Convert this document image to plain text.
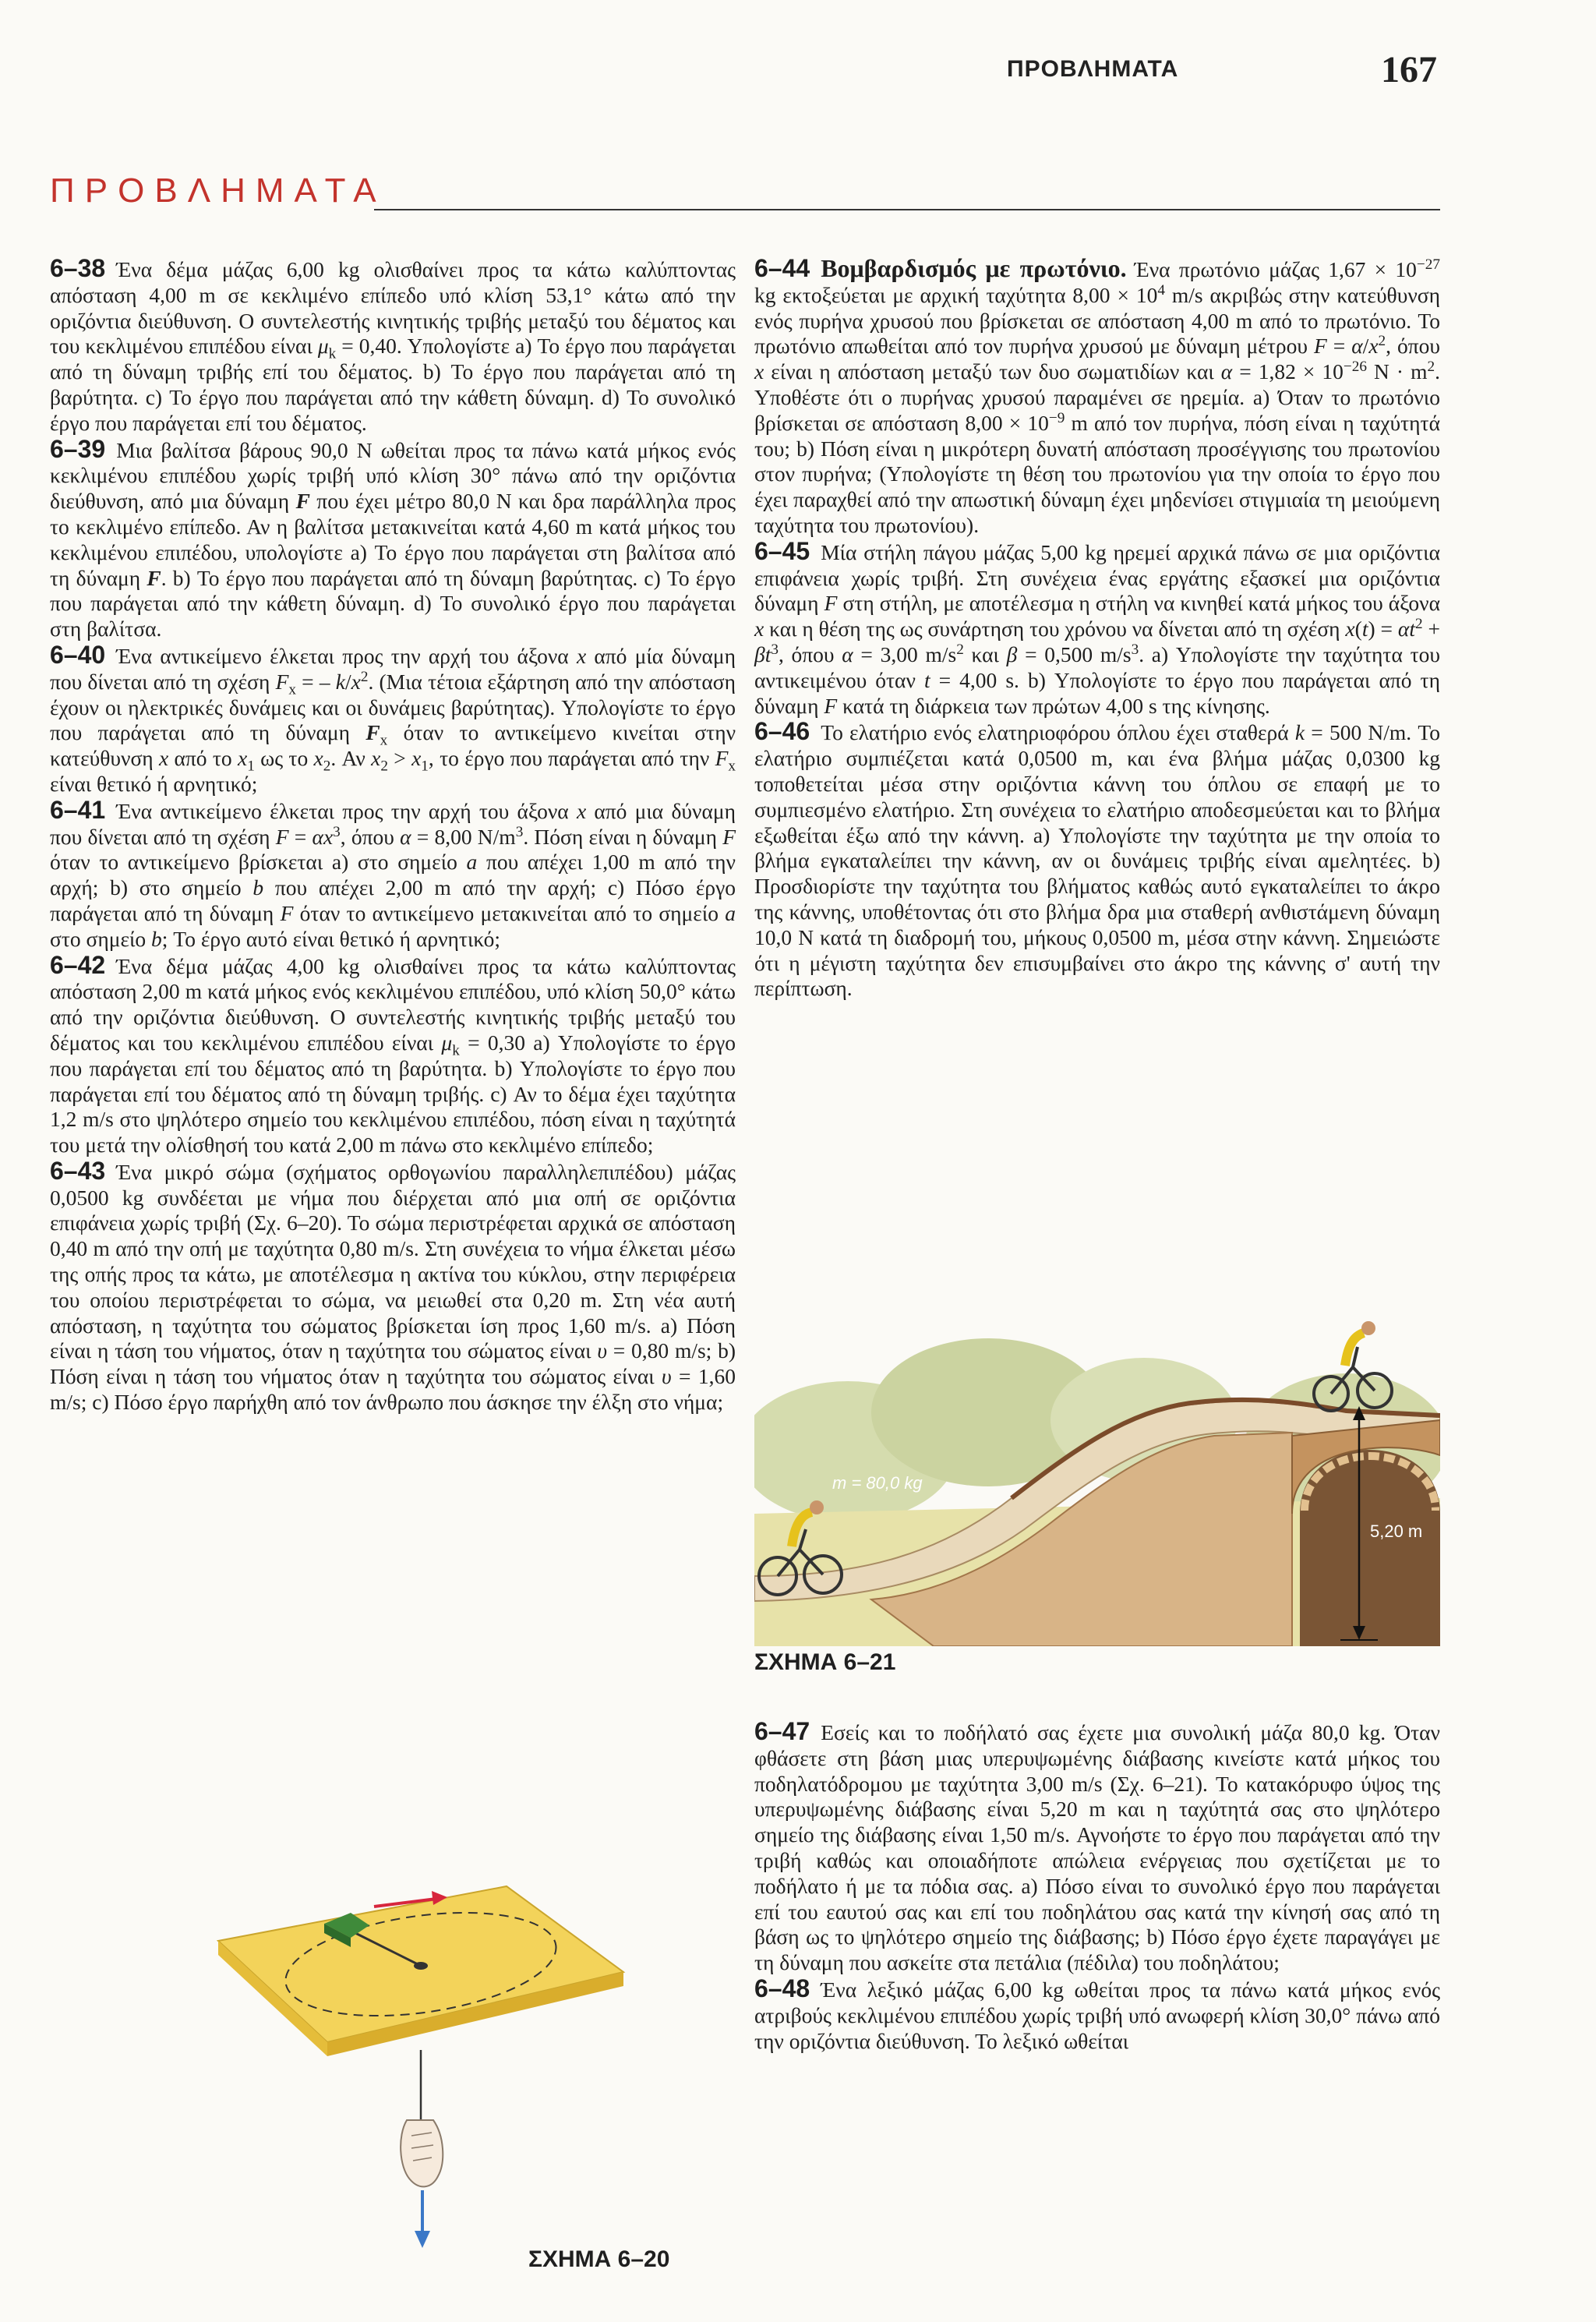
ΠΡΟΒΛΗΜΑΤΑ	167
ΠΡΟΒΛΗΜΑΤΑ

6–38 Ένα δέμα μάζας 6,00 kg ολισθαίνει προς τα κάτω καλύπτοντας απόσταση 4,00 m σε κεκλιμένο επίπεδο υπό κλίση 53,1° κάτω από την οριζόντια διεύθυνση. Ο συντελεστής κινητικής τριβής μεταξύ του δέματος και του κεκλιμένου επιπέδου είναι $\mu_k = 0,40$. Υπολογίστε a) Το έργο που παράγεται από τη δύναμη τριβής επί του δέματος. b) Το έργο που παράγεται από τη βαρύτητα. c) Το έργο που παράγεται από την κάθετη δύναμη. d) Το συνολικό έργο που παράγεται επί του δέματος.

6–39 Μια βαλίτσα βάρους 90,0 N ωθείται προς τα πάνω κατά μήκος ενός κεκλιμένου επιπέδου χωρίς τριβή υπό κλίση 30° πάνω από την οριζόντια διεύθυνση, από μια δύναμη F που έχει μέτρο 80,0 N και δρα παράλληλα προς το κεκλιμένο επίπεδο. Αν η βαλίτσα μετακινείται κατά 4,60 m κατά μήκος του κεκλιμένου επιπέδου, υπολογίστε a) Το έργο που παράγεται στη βαλίτσα από τη δύναμη F. b) Το έργο που παράγεται από τη δύναμη βαρύτητας. c) Το έργο που παράγεται από την κάθετη δύναμη. d) Το συνολικό έργο που παράγεται στη βαλίτσα.

6–40 Ένα αντικείμενο έλκεται προς την αρχή του άξονα x από μία δύναμη που δίνεται από τη σχέση $F_x$ = – $k/x^2$. (Μια τέτοια εξάρτηση από την απόσταση έχουν οι ηλεκτρικές δυνάμεις και οι δυνάμεις βαρύτητας). Υπολογίστε το έργο που παράγεται από τη δύναμη $F_x$ όταν το αντικείμενο κινείται στην κατεύθυνση x από το $x_1$ ως το $x_2$. Αν $x_2 > x_1$, το έργο που παράγεται από την $F_x$ είναι θετικό ή αρνητικό;

6–41 Ένα αντικείμενο έλκεται προς την αρχή του άξονα x από μια δύναμη που δίνεται από τη σχέση $F = \alpha x^3$, όπου α = 8,00 $N/m^3$. Πόση είναι η δύναμη F όταν το αντικείμενο βρίσκεται a) στο σημείο a που απέχει 1,00 m από την αρχή; b) στο σημείο b που απέχει 2,00 m από την αρχή; c) Πόσο έργο παράγεται από τη δύναμη F όταν το αντικείμενο μετακινείται από το σημείο a στο σημείο b; Το έργο αυτό είναι θετικό ή αρνητικό;

6–42 Ένα δέμα μάζας 4,00 kg ολισθαίνει προς τα κάτω καλύπτοντας απόσταση 2,00 m κατά μήκος ενός κεκλιμένου επιπέδου, υπό κλίση 50,0° κάτω από την οριζόντια διεύθυνση. Ο συντελεστής κινητικής τριβής μεταξύ του δέματος και του κεκλιμένου επιπέδου είναι $\mu_k = 0,30$ a) Υπολογίστε το έργο που παράγεται επί του δέματος από τη βαρύτητα. b) Υπολογίστε το έργο που παράγεται επί του δέματος από τη δύναμη τριβής. c) Αν το δέμα έχει ταχύτητα 1,2 m/s στο ψηλότερο σημείο του κεκλιμένου επιπέδου, πόση είναι η ταχύτητά του μετά την ολίσθησή του κατά 2,00 m πάνω στο κεκλιμένο επίπεδο;

6–43 Ένα μικρό σώμα (σχήματος ορθογωνίου παραλληλεπιπέδου) μάζας 0,0500 kg συνδέεται με νήμα που διέρχεται από μια οπή σε οριζόντια επιφάνεια χωρίς τριβή (Σχ. 6–20). Το σώμα περιστρέφεται αρχικά σε απόσταση 0,40 m από την οπή με ταχύτητα 0,80 m/s. Στη συνέχεια το νήμα έλκεται μέσω της οπής προς τα κάτω, με αποτέλεσμα η ακτίνα του κύκλου, στην περιφέρεια του οποίου περιστρέφεται το σώμα, να μειωθεί στα 0,20 m. Στη νέα αυτή απόσταση, η ταχύτητα του σώματος βρίσκεται ίση προς 1,60 m/s. a) Πόση είναι η τάση του νήματος, όταν η ταχύτητα του σώματος είναι υ = 0,80 m/s; b) Πόση είναι η τάση του νήματος όταν η ταχύτητα του σώματος είναι υ = 1,60 m/s; c) Πόσο έργο παρήχθη από τον άνθρωπο που άσκησε την έλξη στο νήμα;

6–44 Βομβαρδισμός με πρωτόνιο. Ένα πρωτόνιο μάζας $1,67 \times 10^{-27}$ kg εκτοξεύεται με αρχική ταχύτητα $8,00 \times 10^4$ m/s ακριβώς στην κατεύθυνση ενός πυρήνα χρυσού που βρίσκεται σε απόσταση 4,00 m από το πρωτόνιο. Το πρωτόνιο απωθείται από τον πυρήνα χρυσού με δύναμη μέτρου $F = \alpha/x^2$, όπου x είναι η απόσταση μεταξύ των δυο σωματιδίων και $\alpha = 1,82 \times 10^{-26}$ $N \cdot m^2$. Υποθέστε ότι ο πυρήνας χρυσού παραμένει σε ηρεμία. a) Όταν το πρωτόνιο βρίσκεται σε απόσταση $8,00 \times 10^{-9}$ m από τον πυρήνα, πόση είναι η ταχύτητά του; b) Πόση είναι η μικρότερη δυνατή απόσταση προσέγγισης του πρωτονίου στον πυρήνα; (Υπολογίστε τη θέση του πρωτονίου για την οποία το έργο που έχει παραχθεί από την απωστική δύναμη έχει μηδενίσει στιγμιαία τη μειούμενη ταχύτητα του πρωτονίου).

6–45 Μία στήλη πάγου μάζας 5,00 kg ηρεμεί αρχικά πάνω σε μια οριζόντια επιφάνεια χωρίς τριβή. Στη συνέχεια ένας εργάτης εξασκεί μια οριζόντια δύναμη F στη στήλη, με αποτέλεσμα η στήλη να κινηθεί κατά μήκος του άξονα x και η θέση της ως συνάρτηση του χρόνου να δίνεται από τη σχέση $x(t) = \alpha t^2 + \beta t^3$, όπου α = 3,00 $m/s^2$ και β = 0,500 $m/s^3$. a) Υπολογίστε την ταχύτητα του αντικειμένου όταν t = 4,00 s. b) Υπολογίστε το έργο που παράγεται από τη δύναμη F κατά τη διάρκεια των πρώτων 4,00 s της κίνησης.

6–46 Το ελατήριο ενός ελατηριοφόρου όπλου έχει σταθερά k = 500 N/m. Το ελατήριο συμπιέζεται κατά 0,0500 m, και ένα βλήμα μάζας 0,0300 kg τοποθετείται μέσα στην οριζόντια κάννη του όπλου σε επαφή με το συμπιεσμένο ελατήριο. Στη συνέχεια το ελατήριο αποδεσμεύεται και το βλήμα εξωθείται έξω από την κάννη. a) Υπολογίστε την ταχύτητα με την οποία το βλήμα εγκαταλείπει την κάννη, αν οι δυνάμεις τριβής είναι αμελητέες. b) Προσδιορίστε την ταχύτητα του βλήματος καθώς αυτό εγκαταλείπει το άκρο της κάννης, υποθέτοντας ότι στο βλήμα δρα μια σταθερή ανθιστάμενη δύναμη 10,0 N κατά τη διαδρομή του, μήκους 0,0500 m, μέσα στην κάννη. Σημειώστε ότι η μέγιστη ταχύτητα δεν επισυμβαίνει στο άκρο της κάννης σ' αυτή την περίπτωση.

m = 80,0 kg
5,20 m
ΣΧΗΜΑ 6–21

6–47 Εσείς και το ποδήλατό σας έχετε μια συνολική μάζα 80,0 kg. Όταν φθάσετε στη βάση μιας υπερυψωμένης διάβασης κινείστε κατά μήκος του ποδηλατόδρομου με ταχύτητα 3,00 m/s (Σχ. 6–21). Το κατακόρυφο ύψος της υπερυψωμένης διάβασης είναι 5,20 m και η ταχύτητά σας στο ψηλότερο σημείο της διάβασης είναι 1,50 m/s. Αγνοήστε το έργο που παράγεται από την τριβή καθώς και οποιαδήποτε απώλεια ενέργειας που σχετίζεται με το ποδήλατο ή με τα πόδια σας. a) Πόσο είναι το συνολικό έργο που παράγεται επί του εαυτού σας και επί του ποδηλάτου σας κατά την κίνησή σας από τη βάση ως το ψηλότερο σημείο της διάβασης; b) Πόσο έργο έχετε παραγάγει με τη δύναμη που ασκείτε στα πετάλια (πέδιλα) του ποδηλάτου;

6–48 Ένα λεξικό μάζας 6,00 kg ωθείται προς τα πάνω κατά μήκος ενός ατριβούς κεκλιμένου επιπέδου χωρίς τριβή υπό ανωφερή κλίση 30,0° πάνω από την οριζόντια διεύθυνση. Το λεξικό ωθείται

ΣΧΗΜΑ 6–20
